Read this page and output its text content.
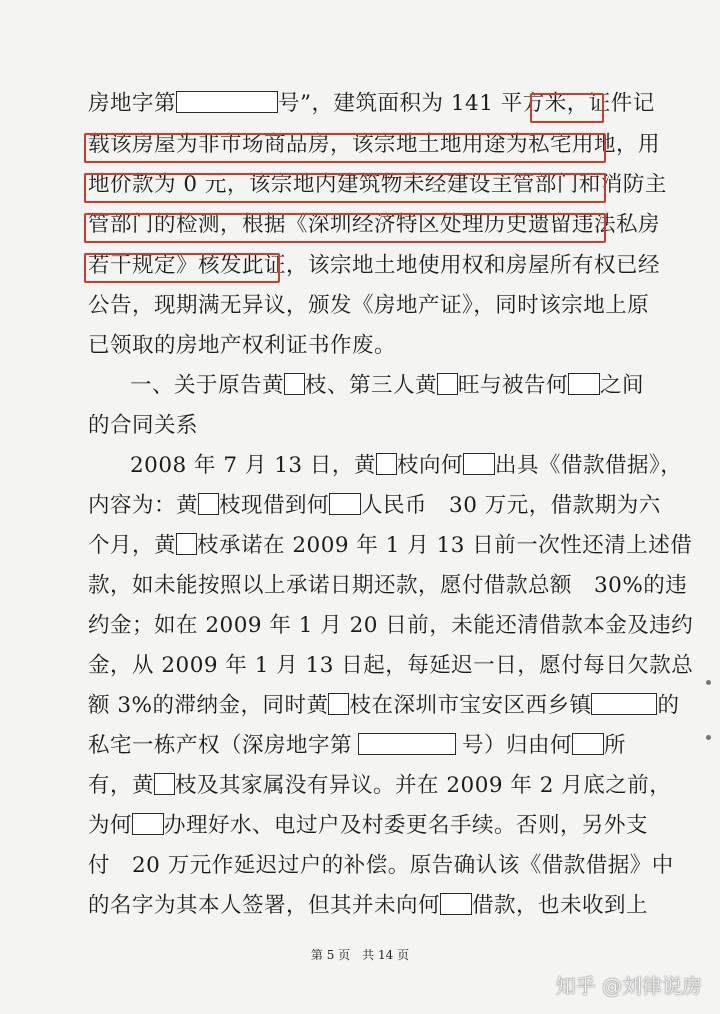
房地字第	号”，建筑面积为 141 平方米，证件记
载该房屋为非市场商品房，该宗地土地用途为私宅用地，用
地价款为 0 元，该宗地内建筑物未经建设主管部门和消防主
管部门的检测，根据《深圳经济特区处理历史遗留违法私房
若干规定》核发此证，该宗地土地使用权和房屋所有权已经
公告，现期满无异议，颁发《房地产证》，同时该宗地上原
已领取的房地产权利证书作废。
一、关于原告黄 枝、第三人黄 旺与被告何 之间
的合同关系
2008 年 7 月 13 日，黄 枝向何 出具《借款借据》，
内容为：黄 枝现借到何 人民币　30 万元，借款期为六
个月，黄 枝承诺在 2009 年 1 月 13 日前一次性还清上述借
款，如未能按照以上承诺日期还款，愿付借款总额　30%的违
约金；如在 2009 年 1 月 20 日前，未能还清借款本金及违约
金，从 2009 年 1 月 13 日起，每延迟一日，愿付每日欠款总
额 3%的滞纳金，同时黄 枝在深圳市宝安区西乡镇	的
私宅一栋产权（深房地字第	号）归由何 所
有，黄 枝及其家属没有异议。并在 2009 年 2 月底之前，
为何 办理好水、电过户及村委更名手续。否则，另外支
付　20 万元作延迟过户的补偿。原告确认该《借款借据》中
的名字为其本人签署，但其并未向何 借款，也未收到上
第 5 页　共 14 页
知乎 @刘律说房
